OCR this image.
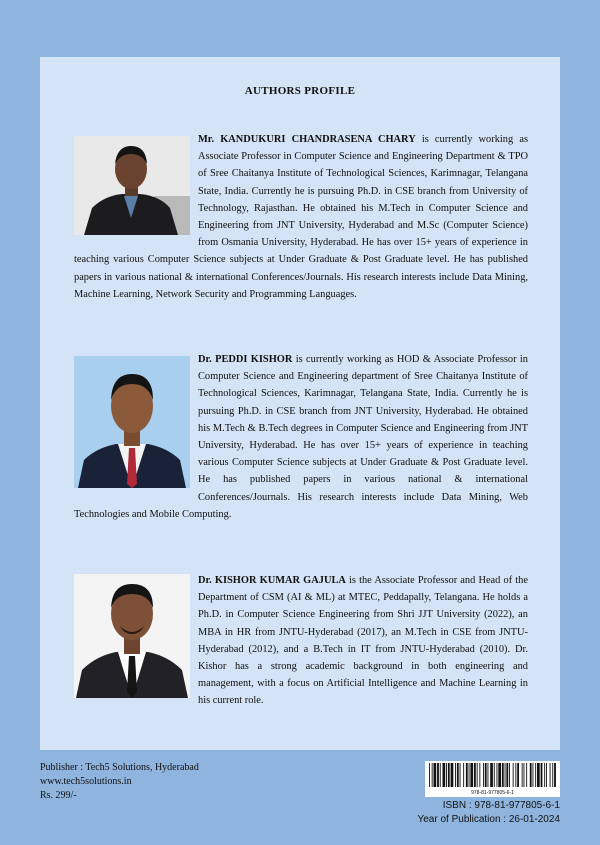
AUTHORS PROFILE
Mr. KANDUKURI CHANDRASENA CHARY is currently working as Associate Professor in Computer Science and Engineering Department & TPO of Sree Chaitanya Institute of Technological Sciences, Karimnagar, Telangana State, India. Currently he is pursuing Ph.D. in CSE branch from University of Technology, Rajasthan. He obtained his M.Tech in Computer Science and Engineering from JNT University, Hyderabad and M.Sc (Computer Science) from Osmania University, Hyderabad. He has over 15+ years of experience in teaching various Computer Science subjects at Under Graduate & Post Graduate level. He has published papers in various national & international Conferences/Journals. His research interests include Data Mining, Machine Learning, Network Security and Programming Languages.
Dr. PEDDI KISHOR is currently working as HOD & Associate Professor in Computer Science and Engineering department of Sree Chaitanya Institute of Technological Sciences, Karimnagar, Telangana State, India. Currently he is pursuing Ph.D. in CSE branch from JNT University, Hyderabad. He obtained his M.Tech & B.Tech degrees in Computer Science and Engineering from JNT University, Hyderabad. He has over 15+ years of experience in teaching various Computer Science subjects at Under Graduate & Post Graduate level. He has published papers in various national & international Conferences/Journals. His research interests include Data Mining, Web Technologies and Mobile Computing.
Dr. KISHOR KUMAR GAJULA is the Associate Professor and Head of the Department of CSM (AI & ML) at MTEC, Peddapally, Telangana. He holds a Ph.D. in Computer Science Engineering from Shri JJT University (2022), an MBA in HR from JNTU-Hyderabad (2017), an M.Tech in CSE from JNTU-Hyderabad (2012), and a B.Tech in IT from JNTU-Hyderabad (2010). Dr. Kishor has a strong academic background in both engineering and management, with a focus on Artificial Intelligence and Machine Learning in his current role.
Publisher : Tech5 Solutions, Hyderabad
www.tech5solutions.in
Rs. 299/-	978-81-977805-6-1
ISBN : 978-81-977805-6-1
Year of Publication : 26-01-2024
